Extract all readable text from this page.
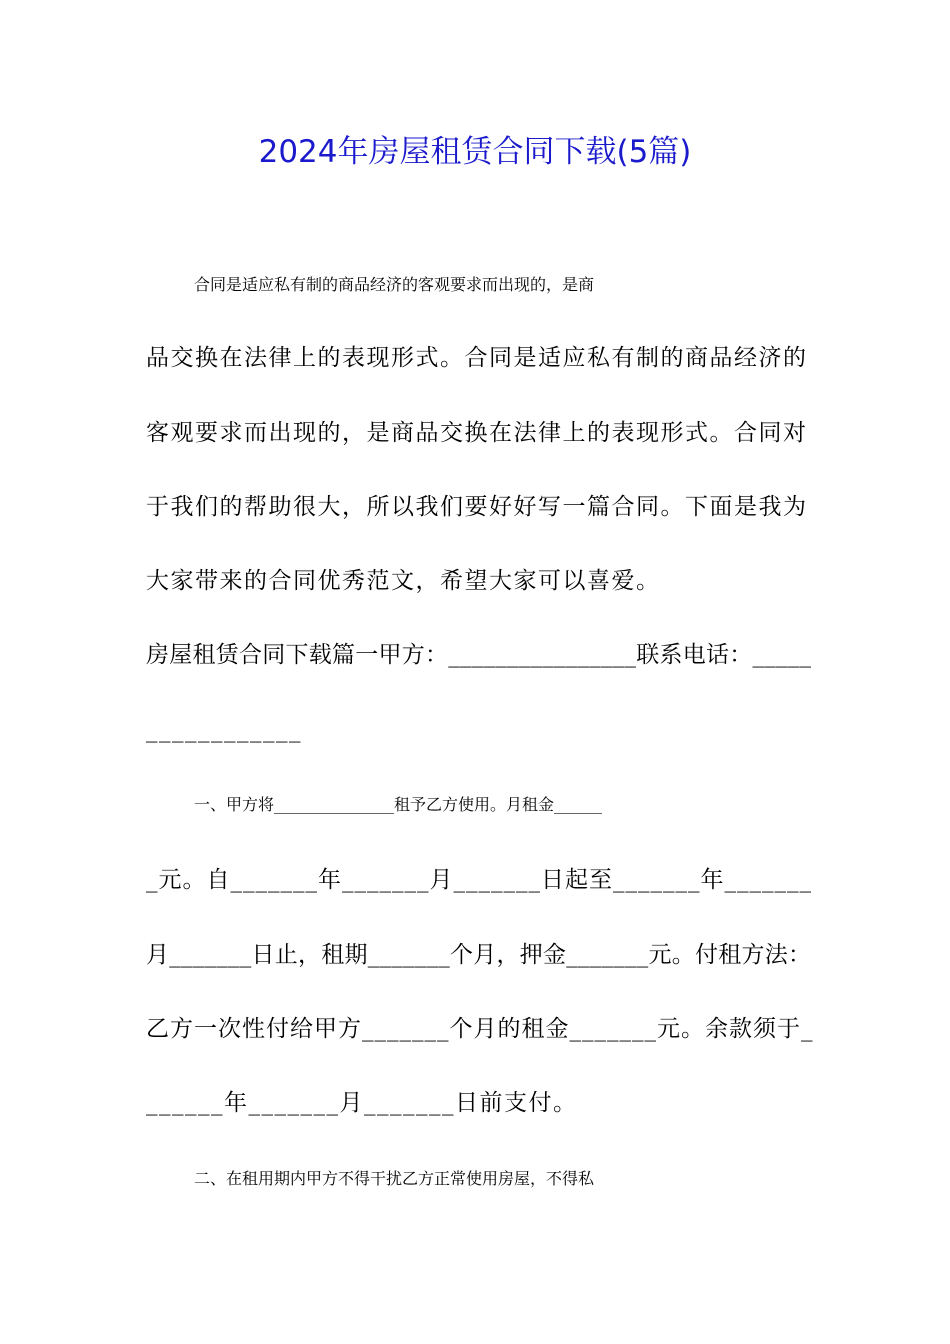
2024年房屋租赁合同下载(5篇)
合同是适应私有制的商品经济的客观要求而出现的，是商
品交换在法律上的表现形式。合同是适应私有制的商品经济的
客观要求而出现的，是商品交换在法律上的表现形式。合同对
于我们的帮助很大，所以我们要好好写一篇合同。下面是我为
大家带来的合同优秀范文，希望大家可以喜爱。
房屋租赁合同下载篇一甲方：________________联系电话：_____
____________
一、甲方将_______________租予乙方使用。月租金______
_元。自_______年_______月_______日起至_______年_______
月_______日止，租期_______个月，押金_______元。付租方法：
乙方一次性付给甲方_______个月的租金_______元。余款须于_
______年_______月_______日前支付。
二、在租用期内甲方不得干扰乙方正常使用房屋，不得私
